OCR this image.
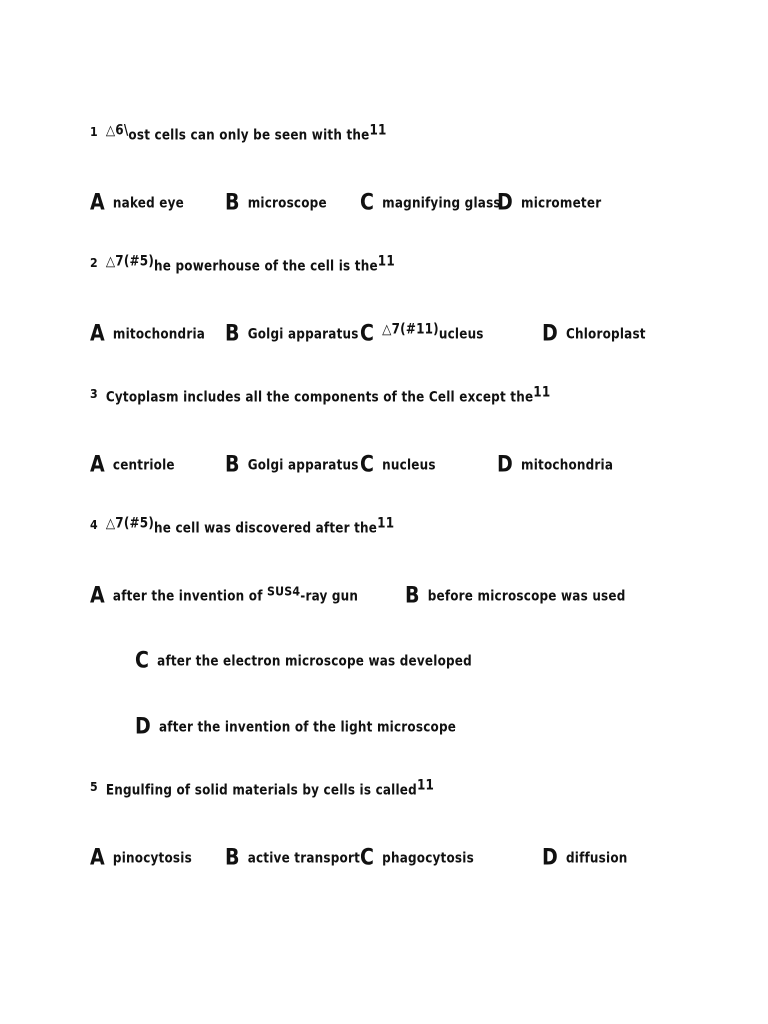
1 △6\ost cells can only be seen with the11
Anaked eye Bmicroscope Cmagnifying glass
Dmicrometer
2 △7(#5)he powerhouse of the cell is the11
Amitochondria B Golgi apparatus C △7(#11)ucleus	D Chloroplast
3 Cytoplasm includes all the components of the Cell except the11
Acentriole	B Golgi apparatus Cnucleus	Dmitochondria
4 △7(#5)he cell was discovered after the11
Aafter the invention of SUS4-ray gun Bbefore microscope was used
Cafter the electron microscope was developed
Dafter the invention of the light microscope
5 Engulfing of solid materials by cells is called11
Apinocytosis Bactive transport Cphagocytosis	Ddiffusion
